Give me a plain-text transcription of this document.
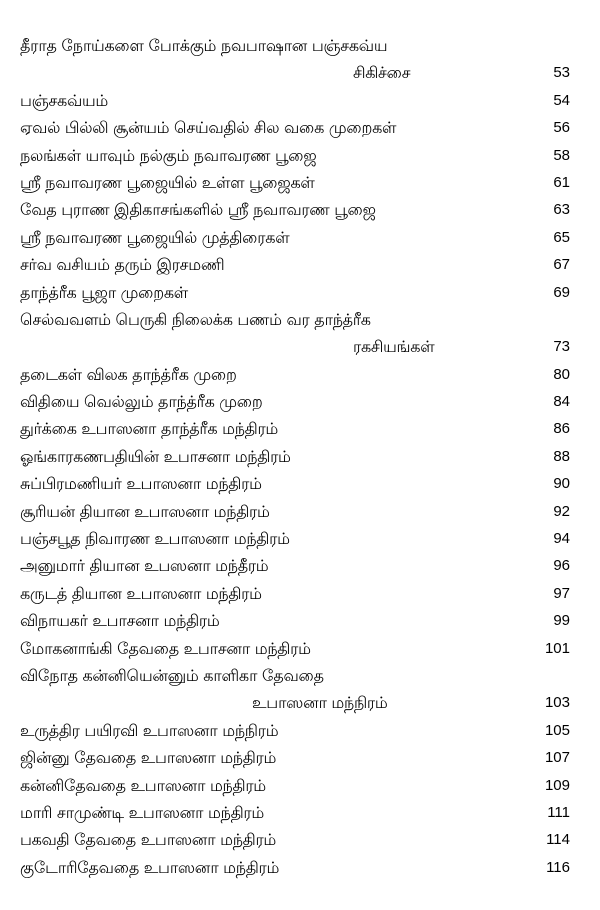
தீராத நோய்களை போக்கும் நவபாஷான பஞ்சகவ்ய
சிகிச்சை	53
பஞ்சகவ்யம்	54
ஏவல் பில்லி சூன்யம் செய்வதில் சில வகை முறைகள்	56
நலங்கள் யாவும் நல்கும் நவாவரண பூஜை	58
ஸ்ரீ நவாவரண பூஜையில் உள்ள பூஜைகள்	61
வேத புராண இதிகாசங்களில் ஸ்ரீ நவாவரண பூஜை	63
ஸ்ரீ நவாவரண பூஜையில் முத்திரைகள்	65
சர்வ வசியம் தரும் இரசமணி	67
தாந்த்ரீக பூஜா முறைகள்	69
செல்வவளம் பெருகி நிலைக்க பணம் வர தாந்த்ரீக
ரகசியங்கள்	73
தடைகள் விலக தாந்த்ரீக முறை	80
விதியை வெல்லும் தாந்த்ரீக முறை	84
துர்க்கை உபாஸனா தாந்த்ரீக மந்திரம்	86
ஓங்காரகணபதியின் உபாசனா மந்திரம்	88
சுப்பிரமணியர் உபாஸனா மந்திரம்	90
சூரியன் தியான உபாஸனா மந்திரம்	92
பஞ்சபூத நிவாரண உபாஸனா மந்திரம்	94
அனுமார் தியான உபஸனா மந்தீரம்	96
கருடத் தியான உபாஸனா மந்திரம்	97
விநாயகர் உபாசனா மந்திரம்	99
மோகனாங்கி தேவதை உபாசனா மந்திரம்	101
விநோத கன்னியென்னும் காளிகா தேவதை
உபாஸனா மந்நிரம்	103
உருத்திர பயிரவி உபாஸனா மந்நிரம்	105
ஜின்னு தேவதை உபாஸனா மந்திரம்	107
கன்னிதேவதை உபாஸனா மந்திரம்	109
மாரி சாமுண்டி உபாஸனா மந்திரம்	111
பகவதி தேவதை உபாஸனா மந்திரம்	114
குடோரிதேவதை உபாஸனா மந்திரம்	116
